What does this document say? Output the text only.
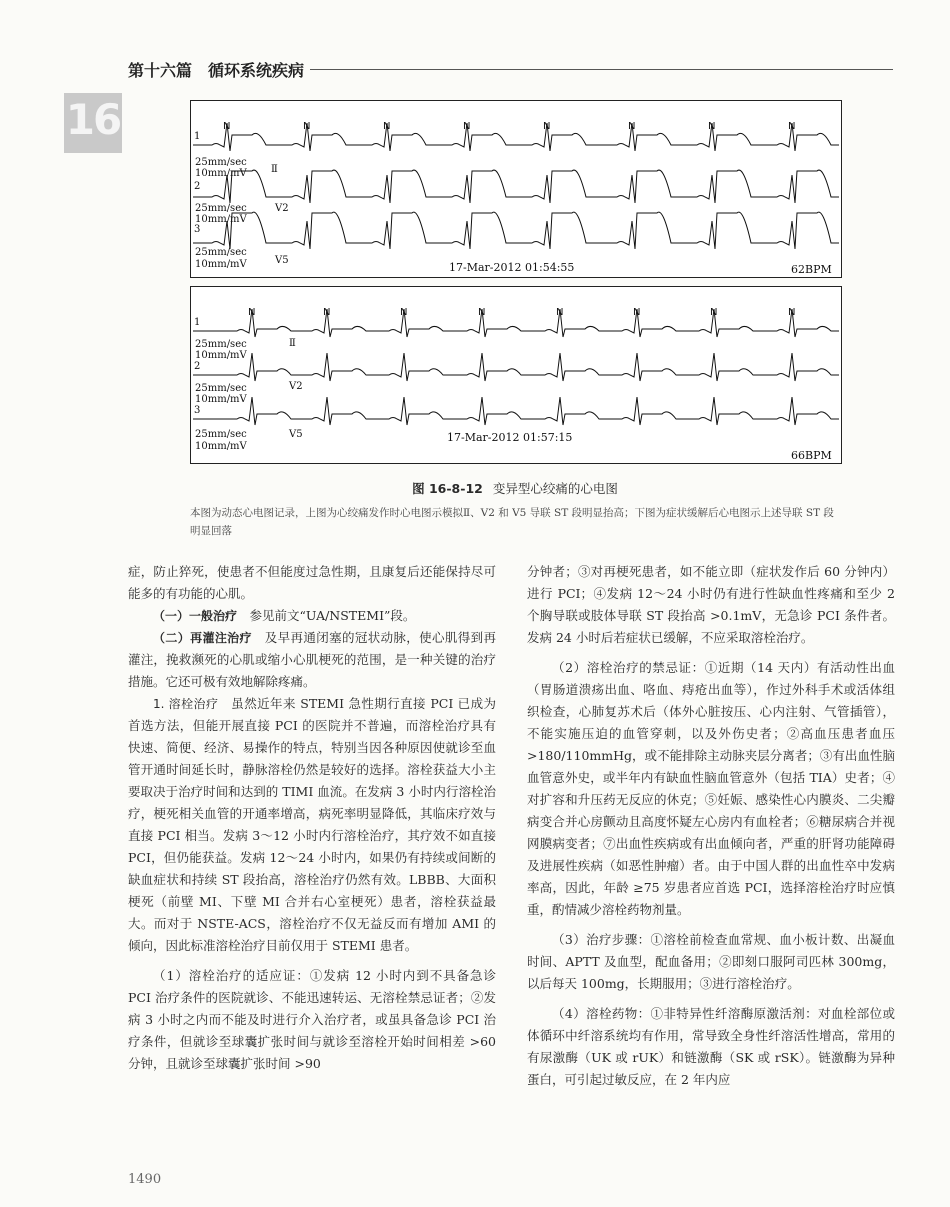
第十六篇　循环系统疾病
16	N	N	N	N	N	N	N	N
1
25mm/sec
10mm/mV Ⅱ
2
25mm/sec
10mm/mV
V2
3
25mm/sec
10mm/mV	V5
17-Mar-2012 01:54:55	62BPM
N	N	N	N	N	N	N	N
1
25mm/sec
10mm/mV
Ⅱ
2
25mm/sec
10mm/mV
V2
3
25mm/sec
10mm/mV
V5	17-Mar-2012 01:57:15
66BPM
图 16-8-12 变异型心绞痛的心电图
本图为动态心电图记录，上图为心绞痛发作时心电图示模拟Ⅱ、V2 和 V5 导联 ST 段明显抬高；下图为症状缓解后心电图示上述导联 ST 段明显回落

症，防止猝死，使患者不但能度过急性期，且康复后还能保持尽可能多的有功能的心肌。

（一）一般治疗　 参见前文“UA/NSTEMI”段。

（二）再灌注治疗　 及早再通闭塞的冠状动脉，使心肌得到再灌注，挽救濒死的心肌或缩小心肌梗死的范围，是一种关键的治疗措施。它还可极有效地解除疼痛。

1. 溶栓治疗　 虽然近年来 STEMI 急性期行直接 PCI 已成为首选方法，但能开展直接 PCI 的医院并不普遍，而溶栓治疗具有快速、简便、经济、易操作的特点，特别当因各种原因使就诊至血管开通时间延长时，静脉溶栓仍然是较好的选择。溶栓获益大小主要取决于治疗时间和达到的 TIMI 血流。在发病 3 小时内行溶栓治疗，梗死相关血管的开通率增高，病死率明显降低，其临床疗效与直接 PCI 相当。发病 3～12 小时内行溶栓治疗，其疗效不如直接 PCI，但仍能获益。发病 12～24 小时内，如果仍有持续或间断的缺血症状和持续 ST 段抬高，溶栓治疗仍然有效。LBBB、大面积梗死（前壁 MI、下壁 MI 合并右心室梗死）患者，溶栓获益最大。而对于 NSTE-ACS，溶栓治疗不仅无益反而有增加 AMI 的倾向，因此标准溶栓治疗目前仅用于 STEMI 患者。

（1）溶栓治疗的适应证：①发病 12 小时内到不具备急诊 PCI 治疗条件的医院就诊、不能迅速转运、无溶栓禁忌证者；②发病 3 小时之内而不能及时进行介入治疗者，或虽具备急诊 PCI 治疗条件，但就诊至球囊扩张时间与就诊至溶栓开始时间相差 >60 分钟，且就诊至球囊扩张时间 >90

分钟者；③对再梗死患者，如不能立即（症状发作后 60 分钟内）进行 PCI；④发病 12～24 小时仍有进行性缺血性疼痛和至少 2 个胸导联或肢体导联 ST 段抬高 >0.1mV，无急诊 PCI 条件者。发病 24 小时后若症状已缓解，不应采取溶栓治疗。

（2）溶栓治疗的禁忌证：①近期（14 天内）有活动性出血（胃肠道溃疡出血、咯血、痔疮出血等），作过外科手术或活体组织检查，心肺复苏术后（体外心脏按压、心内注射、气管插管），不能实施压迫的血管穿刺，以及外伤史者；②高血压患者血压 >180/110mmHg，或不能排除主动脉夹层分离者；③有出血性脑血管意外史，或半年内有缺血性脑血管意外（包括 TIA）史者；④对扩容和升压药无反应的休克；⑤妊娠、感染性心内膜炎、二尖瓣病变合并心房颤动且高度怀疑左心房内有血栓者；⑥糖尿病合并视网膜病变者；⑦出血性疾病或有出血倾向者，严重的肝肾功能障碍及进展性疾病（如恶性肿瘤）者。由于中国人群的出血性卒中发病率高，因此，年龄 ≥75 岁患者应首选 PCI，选择溶栓治疗时应慎重，酌情减少溶栓药物剂量。

（3）治疗步骤：①溶栓前检查血常规、血小板计数、出凝血时间、APTT 及血型，配血备用；②即刻口服阿司匹林 300mg，以后每天 100mg，长期服用；③进行溶栓治疗。

（4）溶栓药物：①非特异性纤溶酶原激活剂：对血栓部位或体循环中纤溶系统均有作用，常导致全身性纤溶活性增高，常用的有尿激酶（UK 或 rUK）和链激酶（SK 或 rSK）。链激酶为异种蛋白，可引起过敏反应，在 2 年内应

1490
